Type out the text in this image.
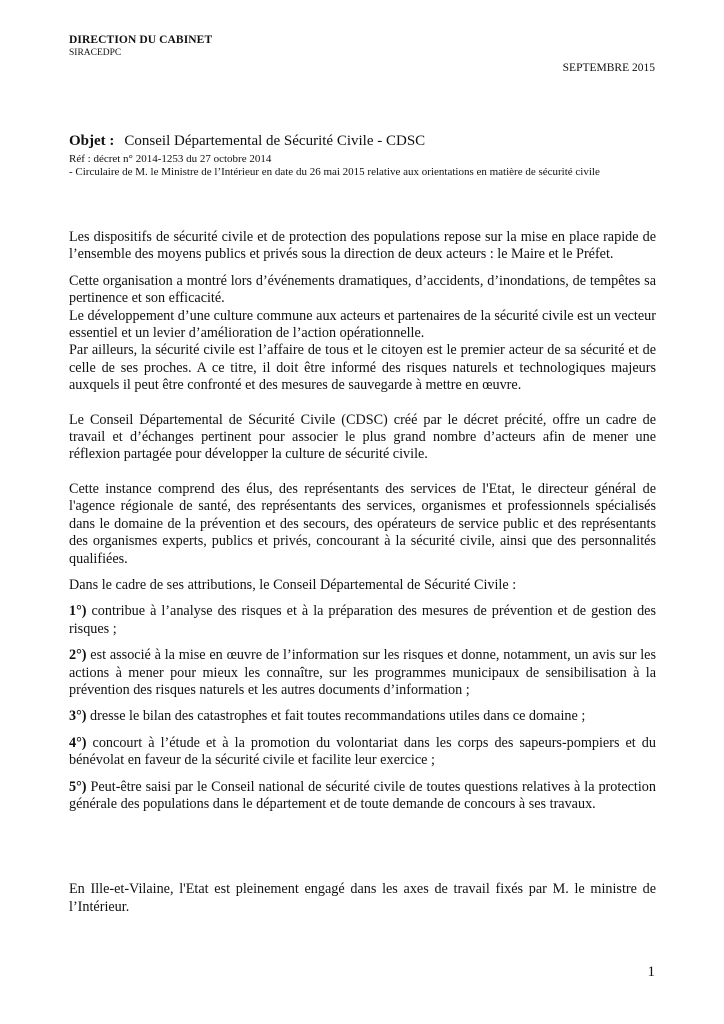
DIRECTION DU CABINET
SIRACEDPC
SEPTEMBRE 2015
Objet : Conseil Départemental de Sécurité Civile - CDSC
Réf : décret n° 2014-1253 du 27 octobre 2014
- Circulaire de M. le Ministre de l’Intérieur en date du 26 mai 2015 relative aux orientations en matière de sécurité civile

Les dispositifs de sécurité civile et de protection des populations repose sur la mise en place rapide de l’ensemble des moyens publics et privés sous la direction de deux acteurs : le Maire et le Préfet.

Cette organisation a montré lors d’événements dramatiques, d’accidents, d’inondations, de tempêtes sa pertinence et son efficacité.

Le développement d’une culture commune aux acteurs et partenaires de la sécurité civile est un vecteur essentiel et un levier d’amélioration de l’action opérationnelle.

Par ailleurs, la sécurité civile est l’affaire de tous et le citoyen est le premier acteur de sa sécurité et de celle de ses proches. A ce titre, il doit être informé des risques naturels et technologiques majeurs auxquels il peut être confronté et des mesures de sauvegarde à mettre en œuvre.

Le Conseil Départemental de Sécurité Civile (CDSC) créé par le décret précité, offre un cadre de travail et d’échanges pertinent pour associer le plus grand nombre d’acteurs afin de mener une réflexion partagée pour développer la culture de sécurité civile.

Cette instance comprend des élus, des représentants des services de l'Etat, le directeur général de l'agence régionale de santé, des représentants des services, organismes et professionnels spécialisés dans le domaine de la prévention et des secours, des opérateurs de service public et des représentants des organismes experts, publics et privés, concourant à la sécurité civile, ainsi que des personnalités qualifiées.

Dans le cadre de ses attributions, le Conseil Départemental de Sécurité Civile :

1°) contribue à l’analyse des risques et à la préparation des mesures de prévention et de gestion des risques ;

2°) est associé à la mise en œuvre de l’information sur les risques et donne, notamment, un avis sur les actions à mener pour mieux les connaître, sur les programmes municipaux de sensibilisation à la prévention des risques naturels et les autres documents d’information ;

3°) dresse le bilan des catastrophes et fait toutes recommandations utiles dans ce domaine ;

4°) concourt à l’étude et à la promotion du volontariat dans les corps des sapeurs-pompiers et du bénévolat en faveur de la sécurité civile et facilite leur exercice ;

5°) Peut-être saisi par le Conseil national de sécurité civile de toutes questions relatives à la protection générale des populations dans le département et de toute demande de concours à ses travaux.

En Ille-et-Vilaine, l'Etat est pleinement engagé dans les axes de travail fixés par M. le ministre de l’Intérieur.

1
